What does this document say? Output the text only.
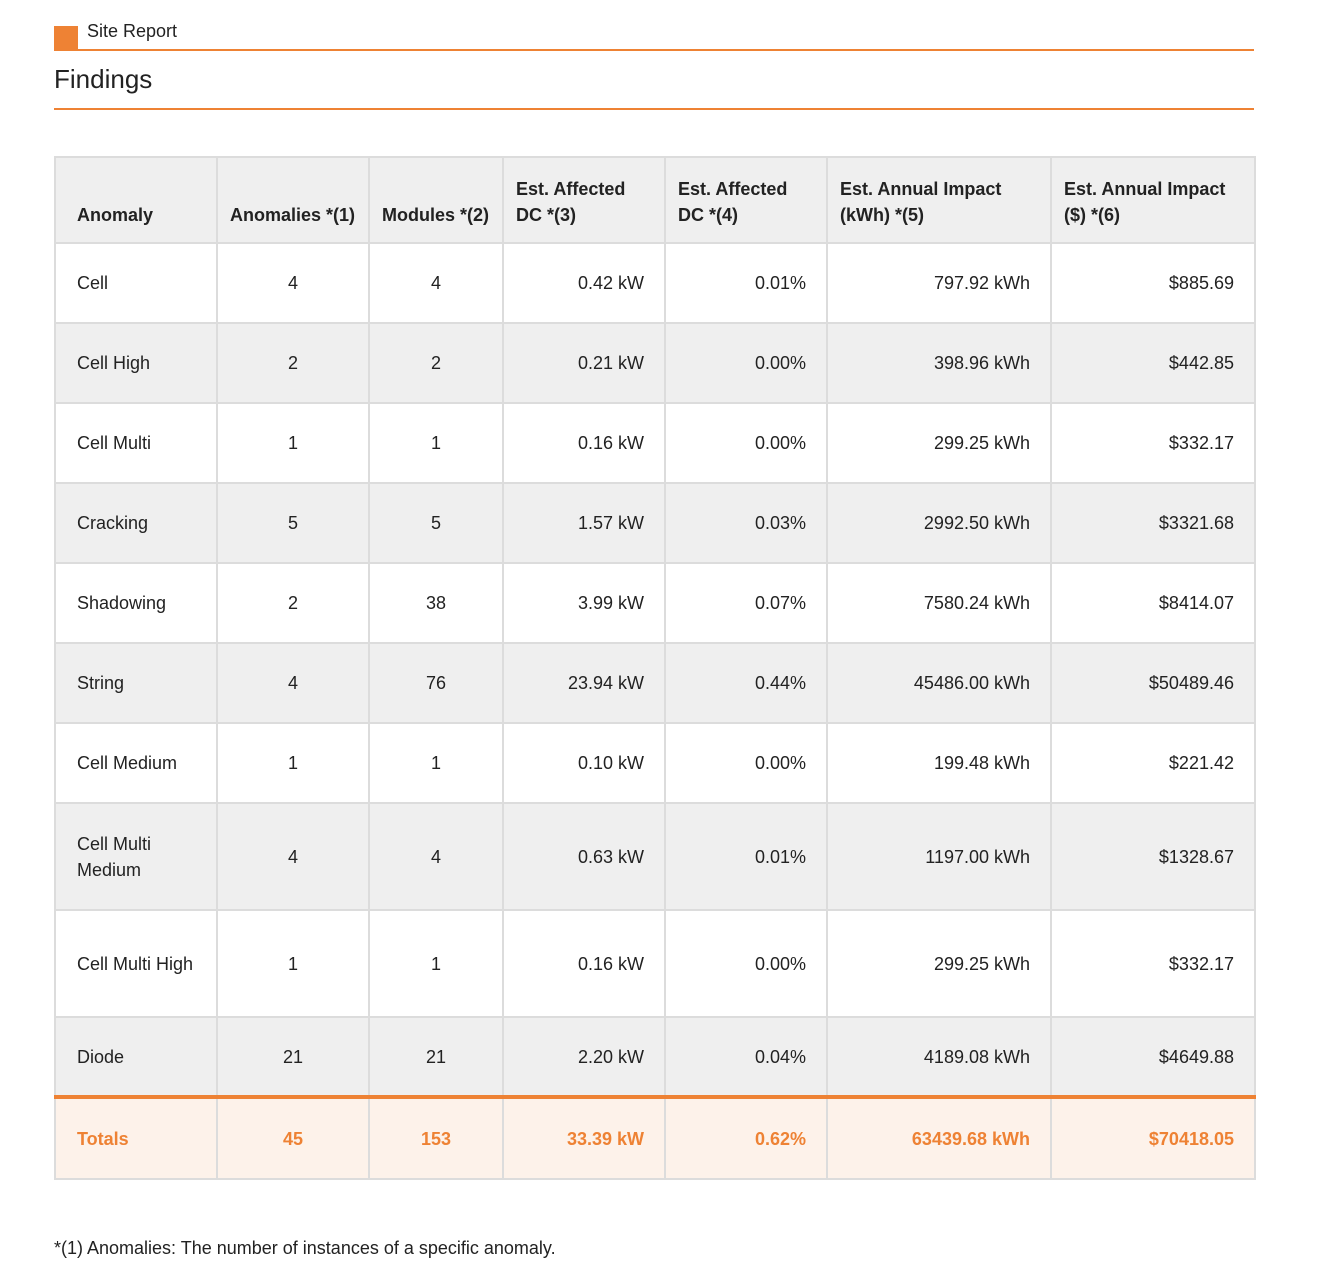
Site Report
Findings
Anomaly	Anomalies *(1)	Modules *(2)	Est. Affected DC *(3)	Est. Affected DC *(4)	Est. Annual Impact (kWh) *(5)	Est. Annual Impact ($) *(6)
Cell	4	4	0.42 kW	0.01%	797.92 kWh	$885.69
Cell High	2	2	0.21 kW	0.00%	398.96 kWh	$442.85
Cell Multi	1	1	0.16 kW	0.00%	299.25 kWh	$332.17
Cracking	5	5	1.57 kW	0.03%	2992.50 kWh	$3321.68
Shadowing	2	38	3.99 kW	0.07%	7580.24 kWh	$8414.07
String	4	76	23.94 kW	0.44%	45486.00 kWh	$50489.46
Cell Medium	1	1	0.10 kW	0.00%	199.48 kWh	$221.42
Cell Multi Medium	4	4	0.63 kW	0.01%	1197.00 kWh	$1328.67
Cell Multi High	1	1	0.16 kW	0.00%	299.25 kWh	$332.17
Diode	21	21	2.20 kW	0.04%	4189.08 kWh	$4649.88
Totals	45	153	33.39 kW	0.62%	63439.68 kWh	$70418.05
*(1) Anomalies: The number of instances of a specific anomaly.
